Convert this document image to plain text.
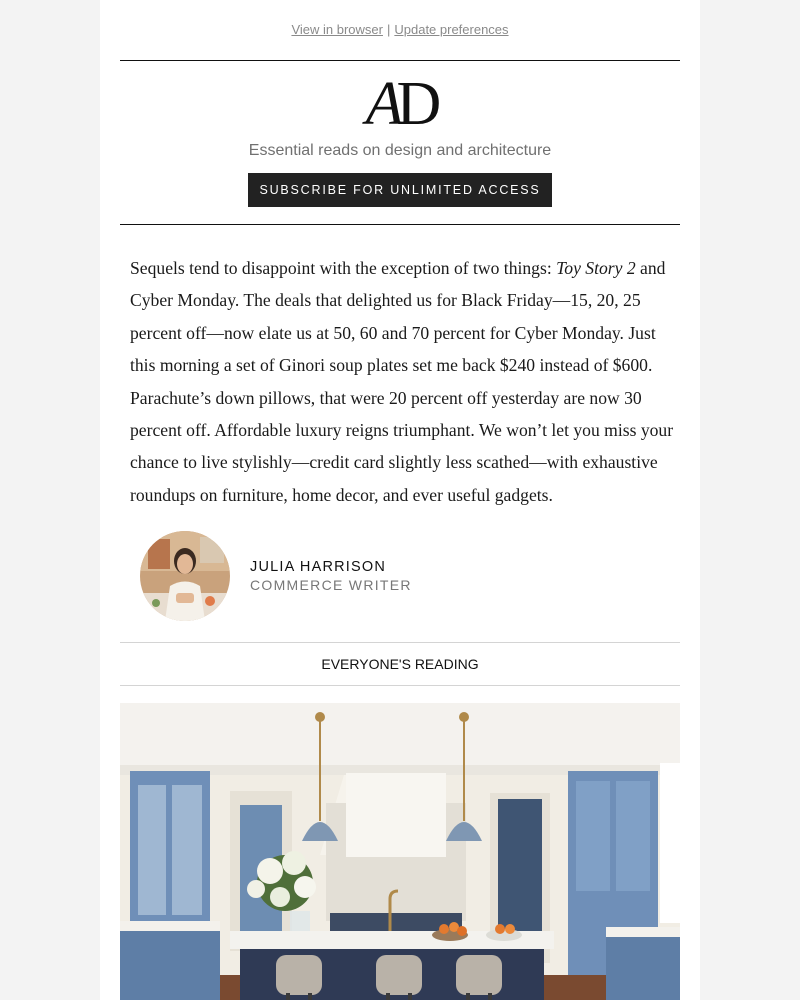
View in browser | Update preferences
AD
Essential reads on design and architecture
SUBSCRIBE FOR UNLIMITED ACCESS
Sequels tend to disappoint with the exception of two things: Toy Story 2 and Cyber Monday. The deals that delighted us for Black Friday—15, 20, 25 percent off—now elate us at 50, 60 and 70 percent for Cyber Monday. Just this morning a set of Ginori soup plates set me back $240 instead of $600. Parachute’s down pillows, that were 20 percent off yesterday are now 30 percent off. Affordable luxury reigns triumphant. We won’t let you miss your chance to live stylishly—credit card slightly less scathed—with exhaustive roundups on furniture, home decor, and ever useful gadgets.
JULIA HARRISON
COMMERCE WRITER
EVERYONE'S READING
